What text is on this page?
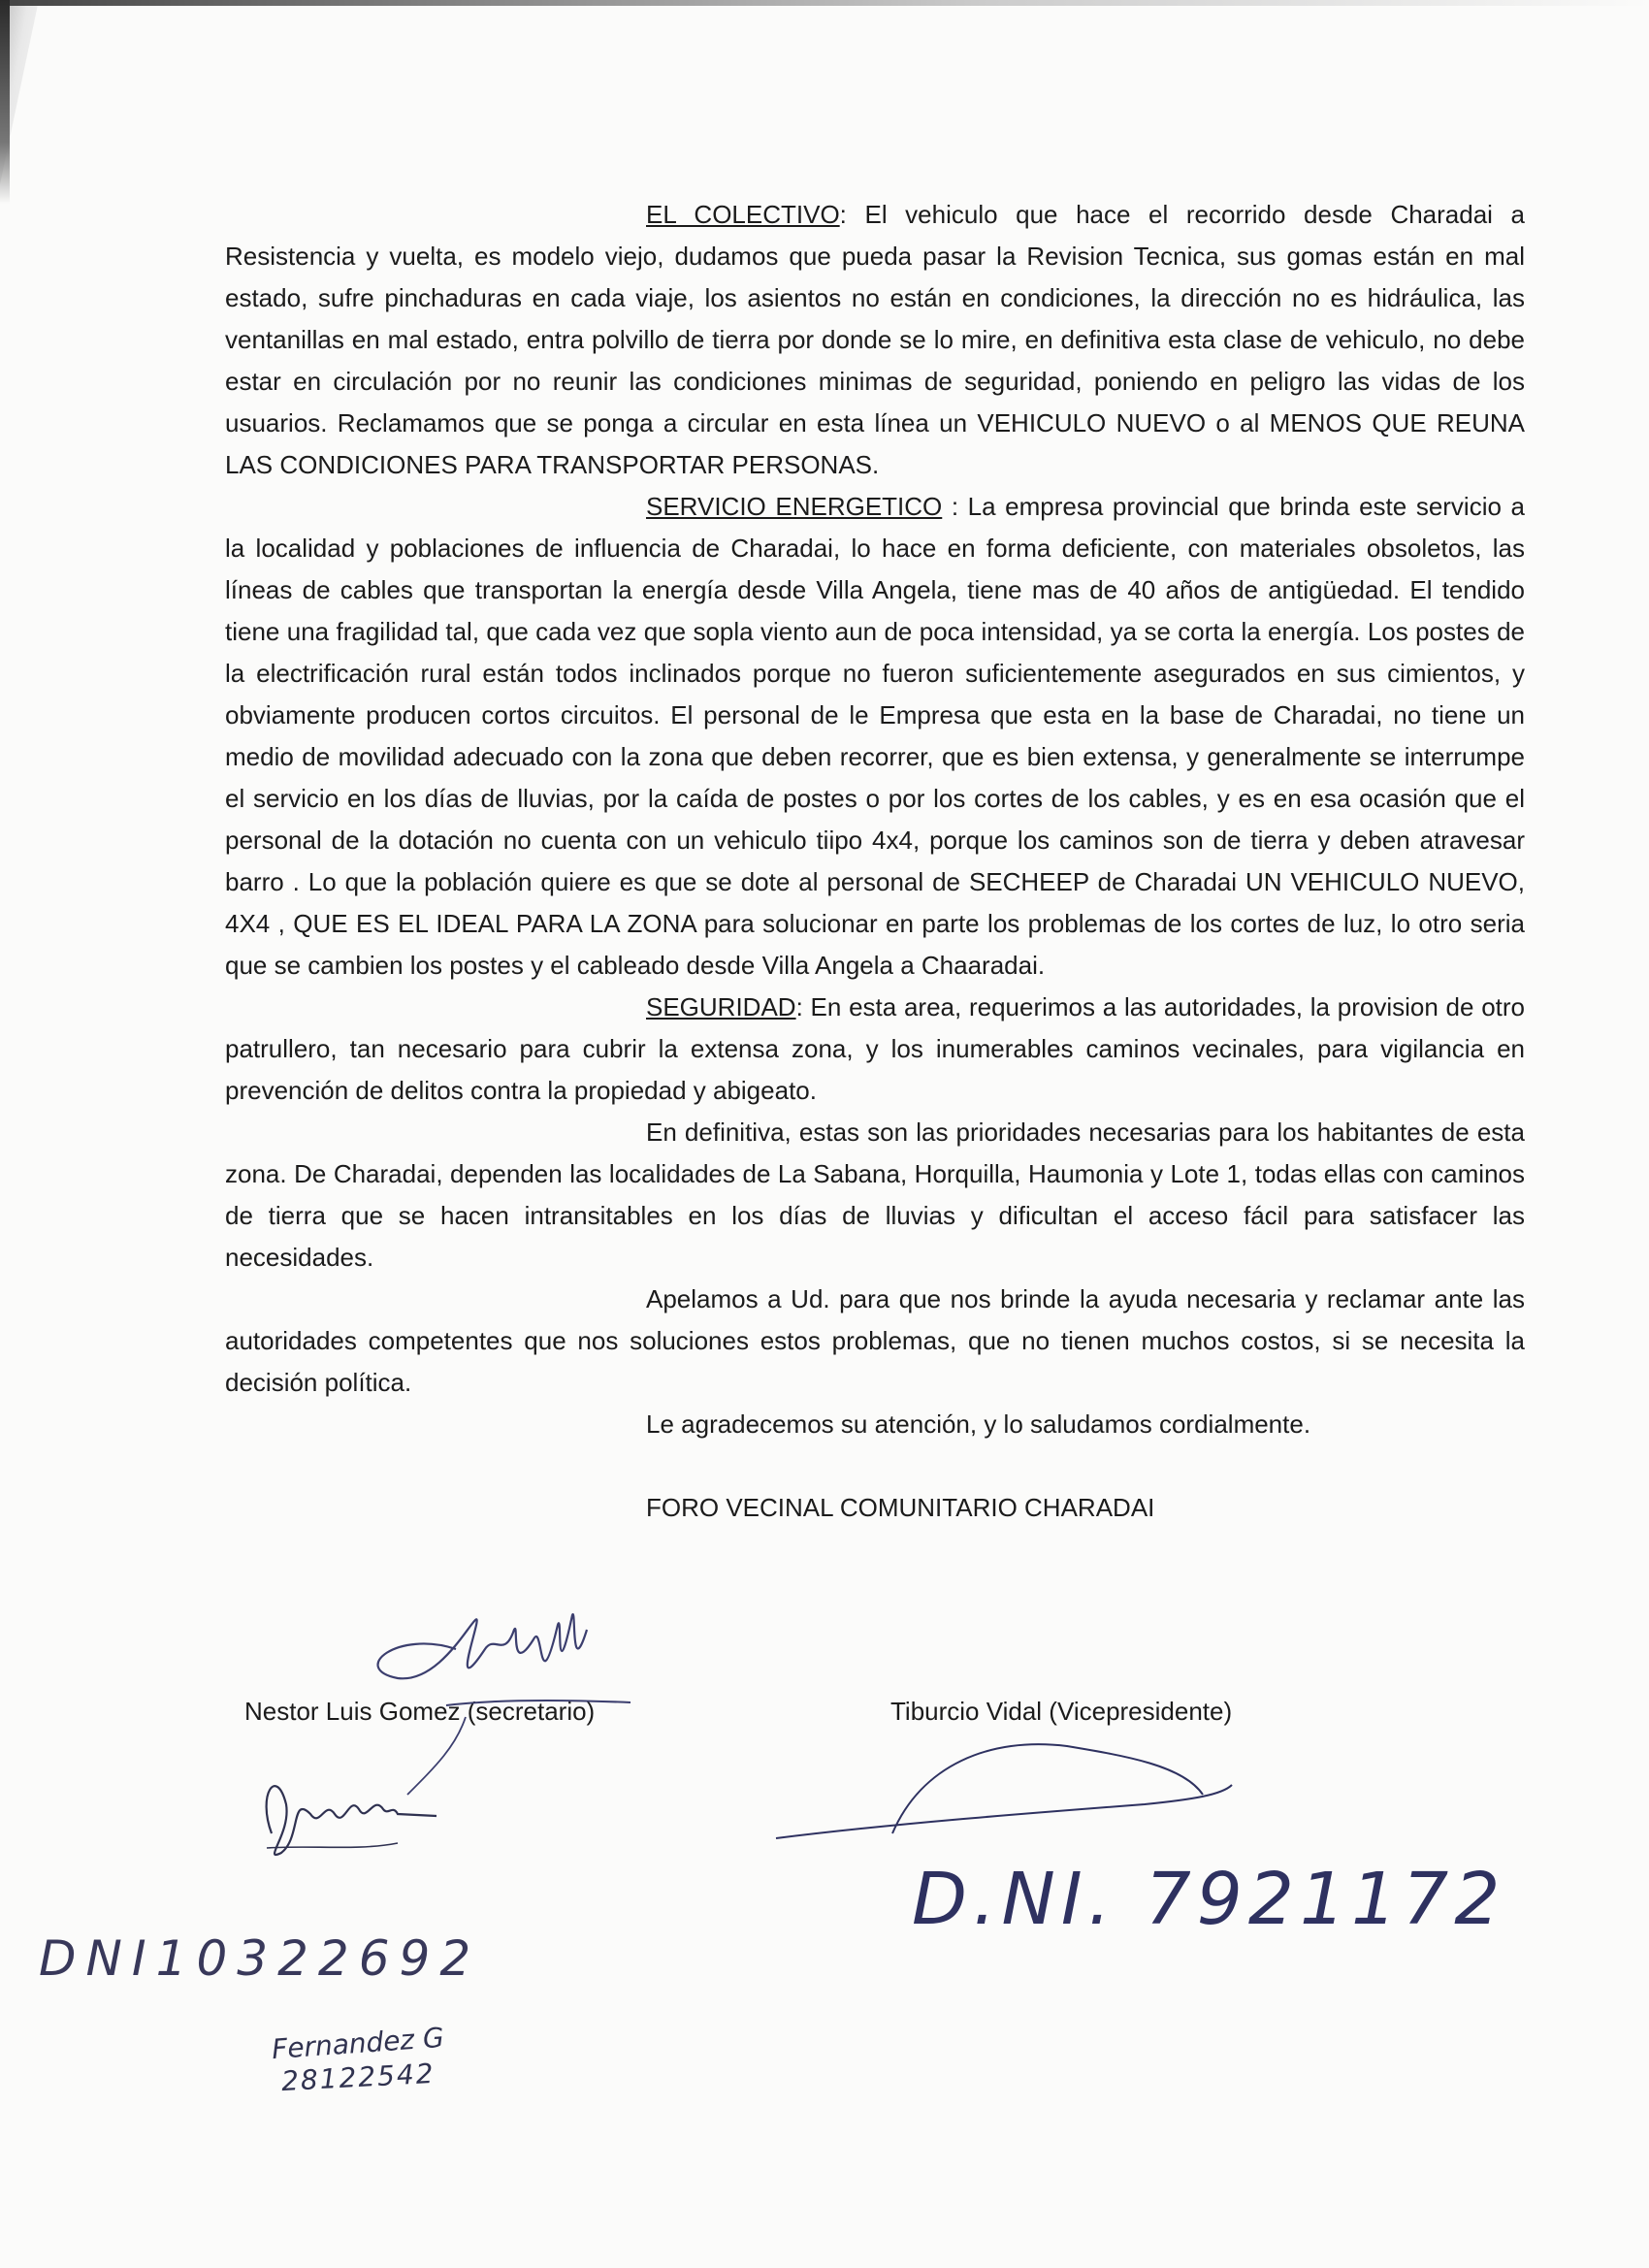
EL COLECTIVO: El vehiculo que hace el recorrido desde Charadai a Resistencia y vuelta, es modelo viejo, dudamos que pueda pasar la Revision Tecnica, sus gomas están en mal estado, sufre pinchaduras en cada viaje, los asientos no están en condiciones, la dirección no es hidráulica, las ventanillas en mal estado, entra polvillo de tierra por donde se lo mire, en definitiva esta clase de vehiculo, no debe estar en circulación por no reunir las condiciones minimas de seguridad, poniendo en peligro las vidas de los usuarios. Reclamamos que se ponga a circular en esta línea un VEHICULO NUEVO o al MENOS QUE REUNA LAS CONDICIONES PARA TRANSPORTAR PERSONAS.

SERVICIO ENERGETICO : La empresa provincial que brinda este servicio a la localidad y poblaciones de influencia de Charadai, lo hace en forma deficiente, con materiales obsoletos, las líneas de cables que transportan la energía desde Villa Angela, tiene mas de 40 años de antigüedad. El tendido tiene una fragilidad tal, que cada vez que sopla viento aun de poca intensidad, ya se corta la energía. Los postes de la electrificación rural están todos inclinados porque no fueron suficientemente asegurados en sus cimientos, y obviamente producen cortos circuitos. El personal de le Empresa que esta en la base de Charadai, no tiene un medio de movilidad adecuado con la zona que deben recorrer, que es bien extensa, y generalmente se interrumpe el servicio en los días de lluvias, por la caída de postes o por los cortes de los cables, y es en esa ocasión que el personal de la dotación no cuenta con un vehiculo tiipo 4x4, porque los caminos son de tierra y deben atravesar barro . Lo que la población quiere es que se dote al personal de SECHEEP de Charadai UN VEHICULO NUEVO, 4X4 , QUE ES EL IDEAL PARA LA ZONA para solucionar en parte los problemas de los cortes de luz, lo otro seria que se cambien los postes y el cableado desde Villa Angela a Chaaradai.

SEGURIDAD: En esta area, requerimos a las autoridades, la provision de otro patrullero, tan necesario para cubrir la extensa zona, y los inumerables caminos vecinales, para vigilancia en prevención de delitos contra la propiedad y abigeato.

En definitiva, estas son las prioridades necesarias para los habitantes de esta zona. De Charadai, dependen las localidades de La Sabana, Horquilla, Haumonia y Lote 1, todas ellas con caminos de tierra que se hacen intransitables en los días de lluvias y dificultan el acceso fácil para satisfacer las necesidades.

Apelamos a Ud. para que nos brinde la ayuda necesaria y reclamar ante las autoridades competentes que nos soluciones estos problemas, que no tienen muchos costos, si se necesita la decisión política.

Le agradecemos su atención, y lo saludamos cordialmente.

FORO VECINAL COMUNITARIO CHARADAI

Nestor Luis Gomez (secretario)	Tiburcio Vidal (Vicepresidente)
DNI10322692
D.NI. 7921172
Fernandez G
28122542
